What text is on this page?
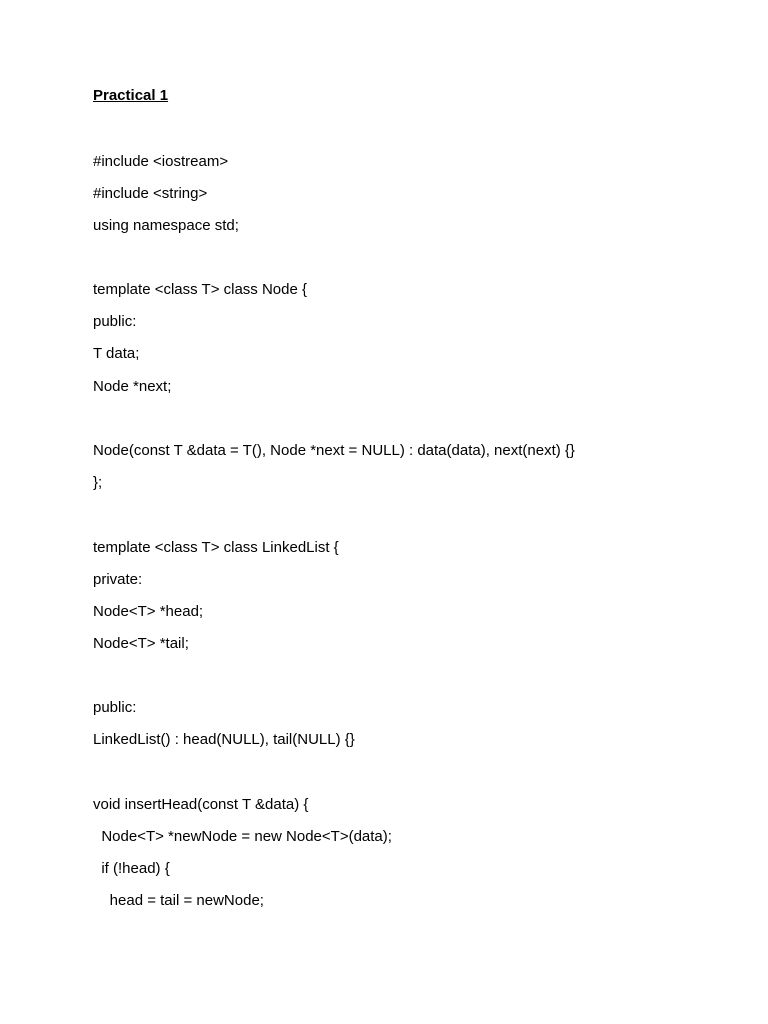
Practical 1
#include <iostream>
#include <string>
using namespace std;
template <class T> class Node {
public:
T data;
Node *next;
Node(const T &data = T(), Node *next = NULL) : data(data), next(next) {}
};
template <class T> class LinkedList {
private:
Node<T> *head;
Node<T> *tail;
public:
LinkedList() : head(NULL), tail(NULL) {}
void insertHead(const T &data) {
Node<T> *newNode = new Node<T>(data);
if (!head) {
head = tail = newNode;
